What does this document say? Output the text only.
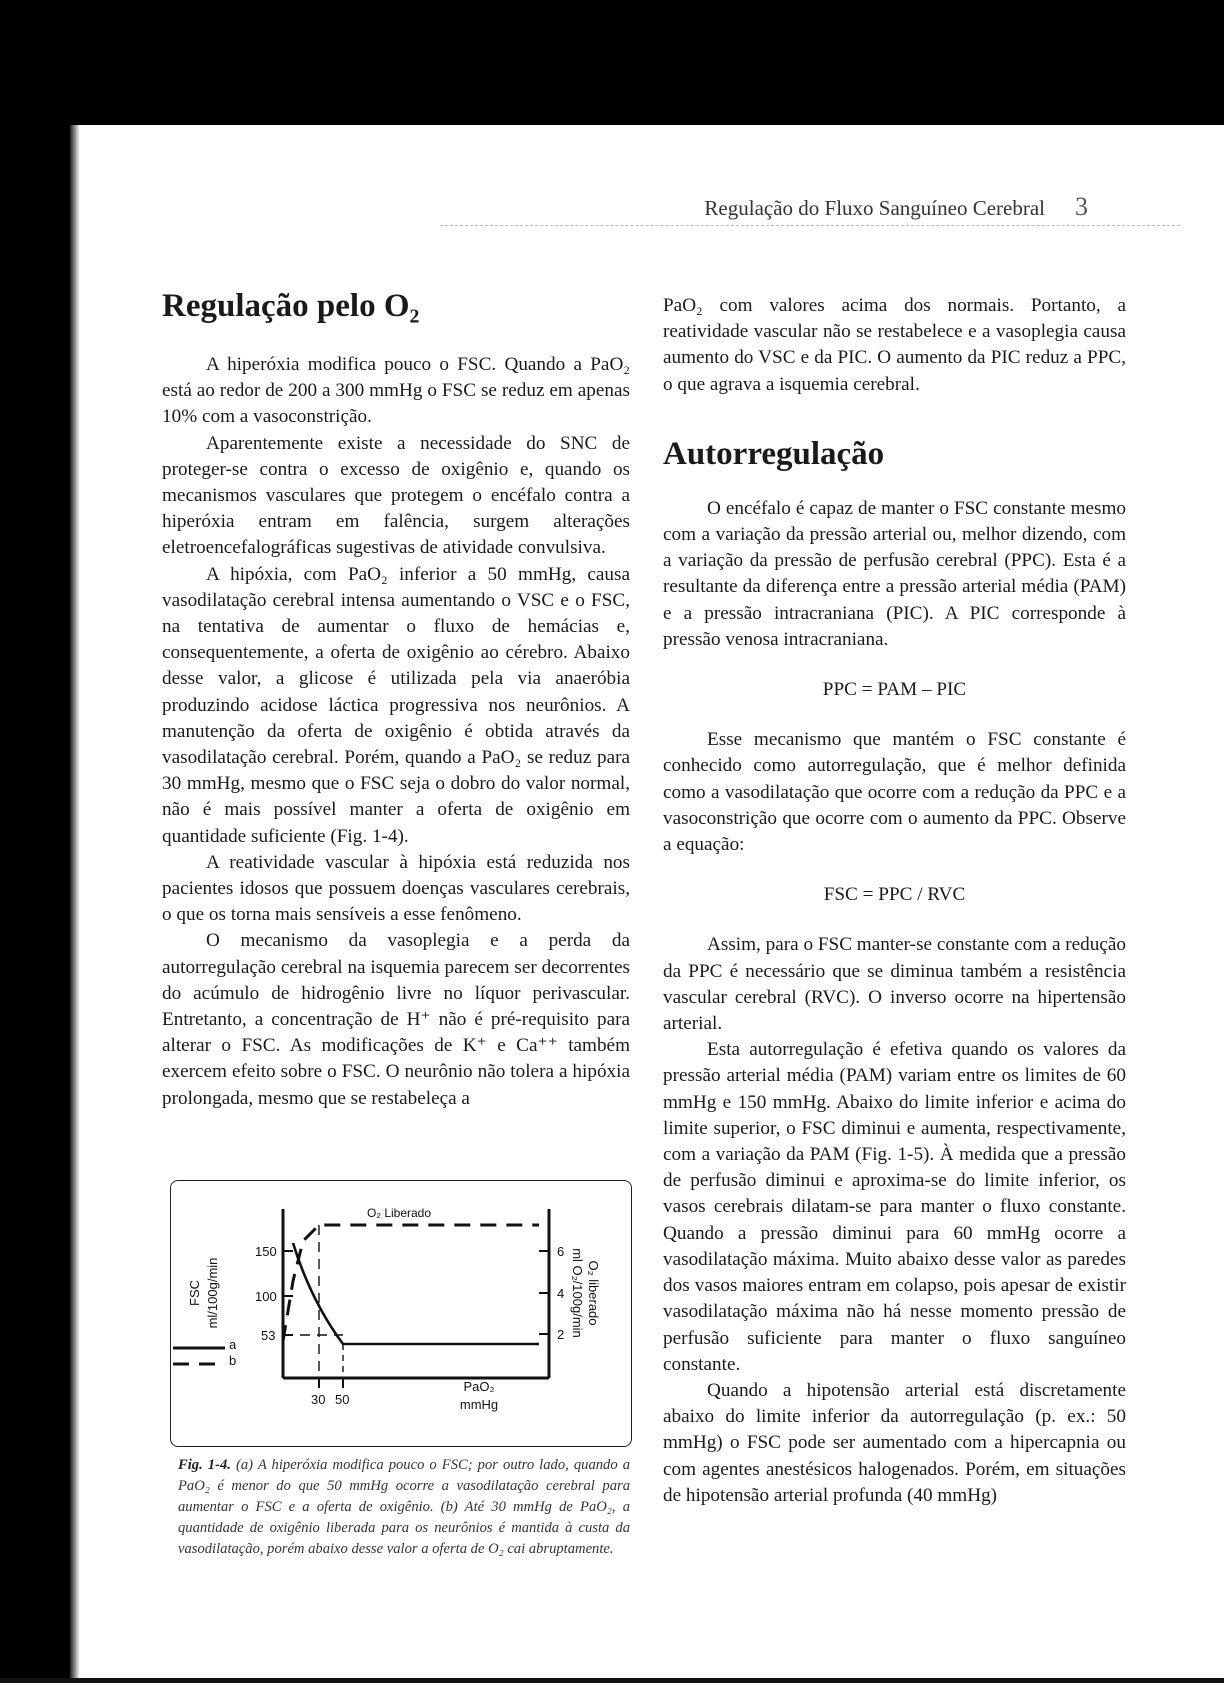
Regulação do Fluxo Sanguíneo Cerebral 3
Regulação pelo O₂

A hiperóxia modifica pouco o FSC. Quando a PaO₂ está ao redor de 200 a 300 mmHg o FSC se reduz em apenas 10% com a vasoconstrição.

Aparentemente existe a necessidade do SNC de proteger-se contra o excesso de oxigênio e, quando os mecanismos vasculares que protegem o encéfalo contra a hiperóxia entram em falência, surgem alterações eletroencefalográficas sugestivas de atividade convulsiva.

A hipóxia, com PaO₂ inferior a 50 mmHg, causa vasodilatação cerebral intensa aumentando o VSC e o FSC, na tentativa de aumentar o fluxo de hemácias e, consequentemente, a oferta de oxigênio ao cérebro. Abaixo desse valor, a glicose é utilizada pela via anaeróbia produzindo acidose láctica progressiva nos neurônios. A manutenção da oferta de oxigênio é obtida através da vasodilatação cerebral. Porém, quando a PaO₂ se reduz para 30 mmHg, mesmo que o FSC seja o dobro do valor normal, não é mais possível manter a oferta de oxigênio em quantidade suficiente (Fig. 1-4).

A reatividade vascular à hipóxia está reduzida nos pacientes idosos que possuem doenças vasculares cerebrais, o que os torna mais sensíveis a esse fenômeno.

O mecanismo da vasoplegia e a perda da autorregulação cerebral na isquemia parecem ser decorrentes do acúmulo de hidrogênio livre no líquor perivascular. Entretanto, a concentração de H⁺ não é pré-requisito para alterar o FSC. As modificações de K⁺ e Ca⁺⁺ também exercem efeito sobre o FSC. O neurônio não tolera a hipóxia prolongada, mesmo que se restabeleça a

150
100
53
6
4
2
30 50
O₂ Liberado
FSC ml/100g/min	O₂ liberado
ml O₂/100g/min
PaO₂
mmHg
a
b
Fig. 1-4. (a) A hiperóxia modifica pouco o FSC; por outro lado, quando a PaO₂ é menor do que 50 mmHg ocorre a vasodilatação cerebral para aumentar o FSC e a oferta de oxigênio. (b) Até 30 mmHg de PaO₂, a quantidade de oxigênio liberada para os neurônios é mantida à custa da vasodilatação, porém abaixo desse valor a oferta de O₂ cai abruptamente.

PaO₂ com valores acima dos normais. Portanto, a reatividade vascular não se restabelece e a vasoplegia causa aumento do VSC e da PIC. O aumento da PIC reduz a PPC, o que agrava a isquemia cerebral.

Autorregulação

O encéfalo é capaz de manter o FSC constante mesmo com a variação da pressão arterial ou, melhor dizendo, com a variação da pressão de perfusão cerebral (PPC). Esta é a resultante da diferença entre a pressão arterial média (PAM) e a pressão intracraniana (PIC). A PIC corresponde à pressão venosa intracraniana.

PPC = PAM – PIC

Esse mecanismo que mantém o FSC constante é conhecido como autorregulação, que é melhor definida como a vasodilatação que ocorre com a redução da PPC e a vasoconstrição que ocorre com o aumento da PPC. Observe a equação:

FSC = PPC / RVC

Assim, para o FSC manter-se constante com a redução da PPC é necessário que se diminua também a resistência vascular cerebral (RVC). O inverso ocorre na hipertensão arterial.

Esta autorregulação é efetiva quando os valores da pressão arterial média (PAM) variam entre os limites de 60 mmHg e 150 mmHg. Abaixo do limite inferior e acima do limite superior, o FSC diminui e aumenta, respectivamente, com a variação da PAM (Fig. 1-5). À medida que a pressão de perfusão diminui e aproxima-se do limite inferior, os vasos cerebrais dilatam-se para manter o fluxo constante. Quando a pressão diminui para 60 mmHg ocorre a vasodilatação máxima. Muito abaixo desse valor as paredes dos vasos maiores entram em colapso, pois apesar de existir vasodilatação máxima não há nesse momento pressão de perfusão suficiente para manter o fluxo sanguíneo constante.

Quando a hipotensão arterial está discretamente abaixo do limite inferior da autorregulação (p. ex.: 50 mmHg) o FSC pode ser aumentado com a hipercapnia ou com agentes anestésicos halogenados. Porém, em situações de hipotensão arterial profunda (40 mmHg)
